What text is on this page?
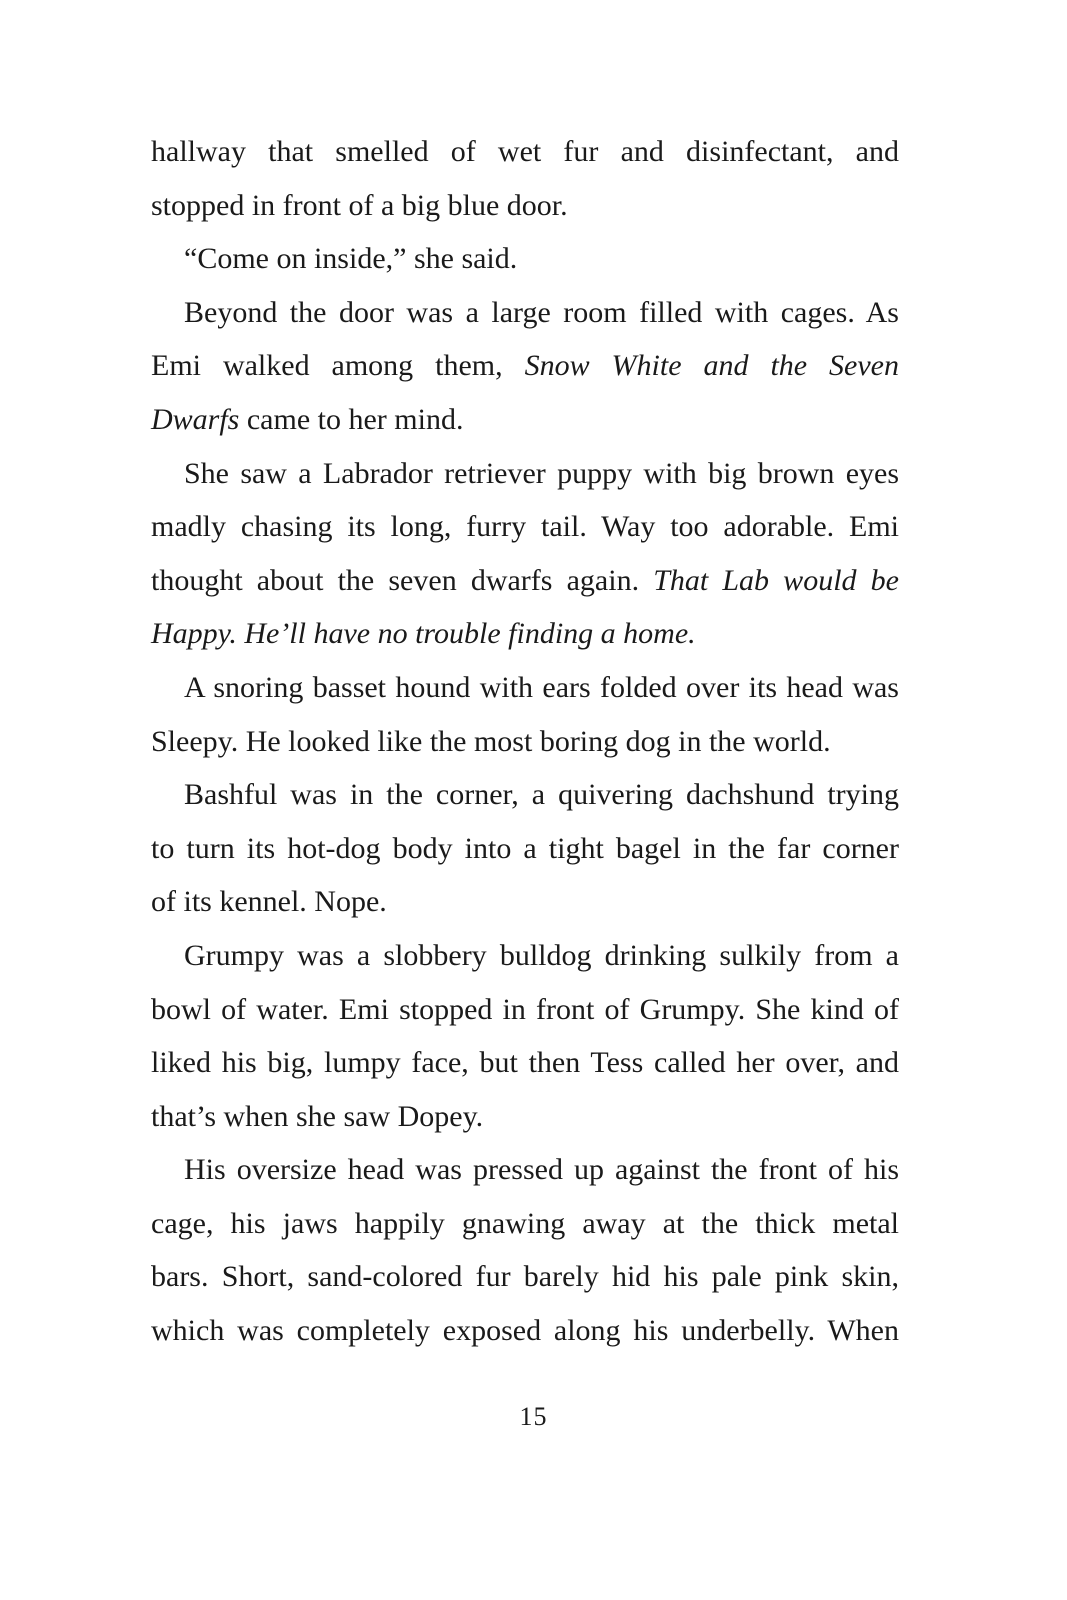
hallway that smelled of wet fur and disinfectant, and
stopped in front of a big blue door.
“Come on inside,” she said.
Beyond the door was a large room filled with cages. As
Emi walked among them, Snow White and the Seven
Dwarfs came to her mind.
She saw a Labrador retriever puppy with big brown eyes
madly chasing its long, furry tail. Way too adorable. Emi
thought about the seven dwarfs again. That Lab would be
Happy. He’ll have no trouble finding a home.
A snoring basset hound with ears folded over its head was
Sleepy. He looked like the most boring dog in the world.
Bashful was in the corner, a quivering dachshund trying
to turn its hot-dog body into a tight bagel in the far corner
of its kennel. Nope.
Grumpy was a slobbery bulldog drinking sulkily from a
bowl of water. Emi stopped in front of Grumpy. She kind of
liked his big, lumpy face, but then Tess called her over, and
that’s when she saw Dopey.
His oversize head was pressed up against the front of his
cage, his jaws happily gnawing away at the thick metal
bars. Short, sand-colored fur barely hid his pale pink skin,
which was completely exposed along his underbelly. When
15
